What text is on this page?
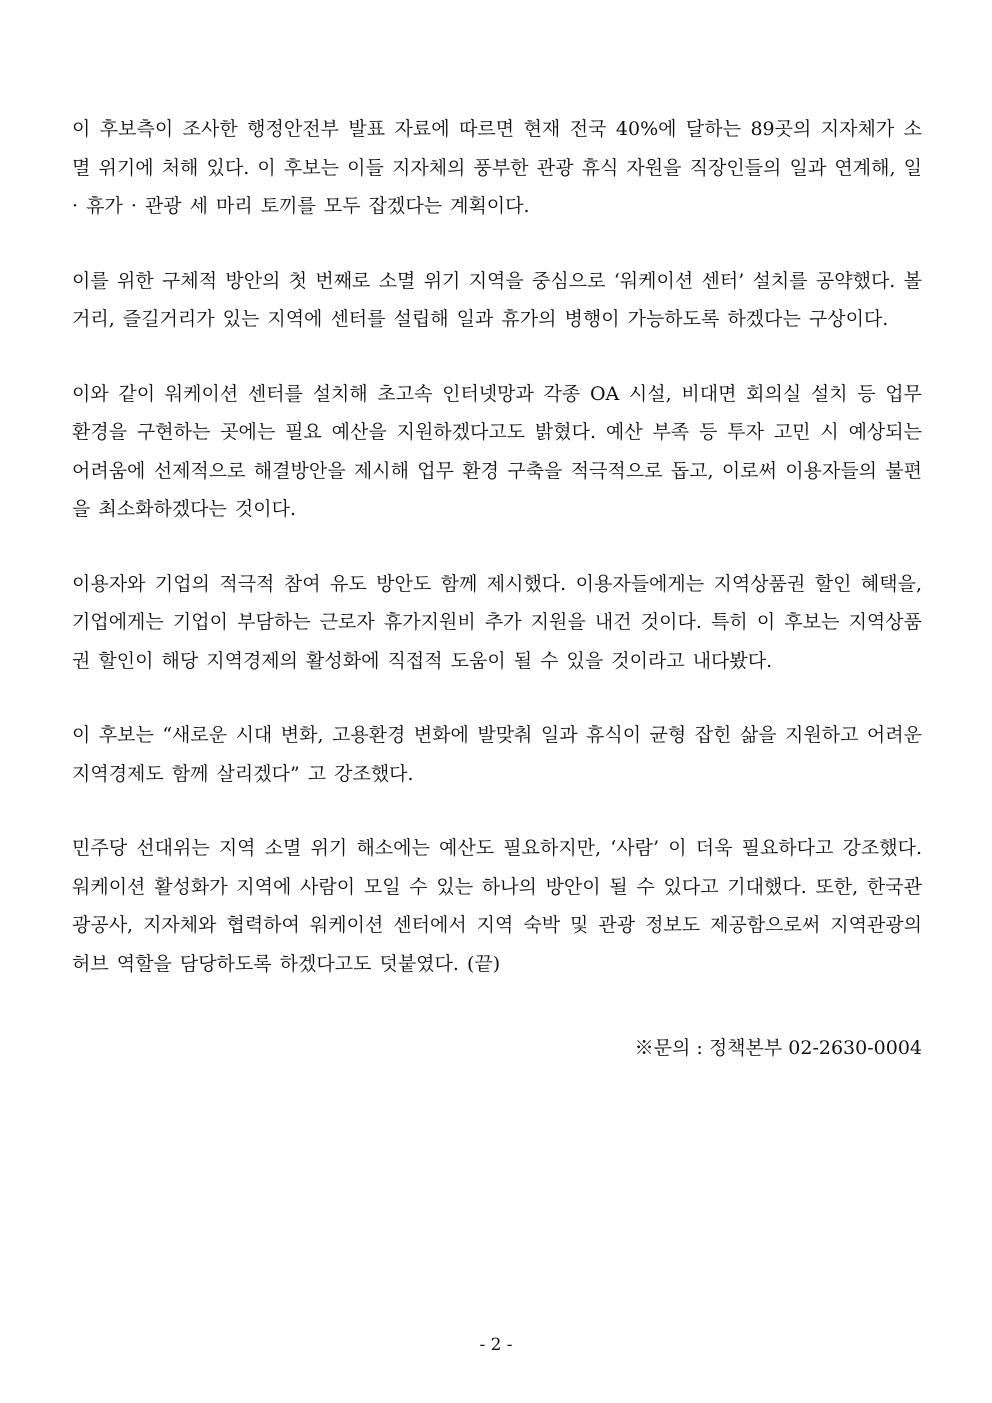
이 후보측이 조사한 행정안전부 발표 자료에 따르면 현재 전국 40%에 달하는 89곳의 지자체가 소멸 위기에 처해 있다. 이 후보는 이들 지자체의 풍부한 관광 휴식 자원을 직장인들의 일과 연계해, 일 · 휴가 · 관광 세 마리 토끼를 모두 잡겠다는 계획이다.

이를 위한 구체적 방안의 첫 번째로 소멸 위기 지역을 중심으로 ‘워케이션 센터’ 설치를 공약했다. 볼거리, 즐길거리가 있는 지역에 센터를 설립해 일과 휴가의 병행이 가능하도록 하겠다는 구상이다.

이와 같이 워케이션 센터를 설치해 초고속 인터넷망과 각종 OA 시설, 비대면 회의실 설치 등 업무 환경을 구현하는 곳에는 필요 예산을 지원하겠다고도 밝혔다. 예산 부족 등 투자 고민 시 예상되는 어려움에 선제적으로 해결방안을 제시해 업무 환경 구축을 적극적으로 돕고, 이로써 이용자들의 불편을 최소화하겠다는 것이다.

이용자와 기업의 적극적 참여 유도 방안도 함께 제시했다. 이용자들에게는 지역상품권 할인 혜택을, 기업에게는 기업이 부담하는 근로자 휴가지원비 추가 지원을 내건 것이다. 특히 이 후보는 지역상품권 할인이 해당 지역경제의 활성화에 직접적 도움이 될 수 있을 것이라고 내다봤다.

이 후보는 “새로운 시대 변화, 고용환경 변화에 발맞춰 일과 휴식이 균형 잡힌 삶을 지원하고 어려운 지역경제도 함께 살리겠다” 고 강조했다.

민주당 선대위는 지역 소멸 위기 해소에는 예산도 필요하지만, ‘사람’ 이 더욱 필요하다고 강조했다. 워케이션 활성화가 지역에 사람이 모일 수 있는 하나의 방안이 될 수 있다고 기대했다. 또한, 한국관광공사, 지자체와 협력하여 워케이션 센터에서 지역 숙박 및 관광 정보도 제공함으로써 지역관광의 허브 역할을 담당하도록 하겠다고도 덧붙였다. (끝)

※문의 : 정책본부 02-2630-0004
- 2 -
